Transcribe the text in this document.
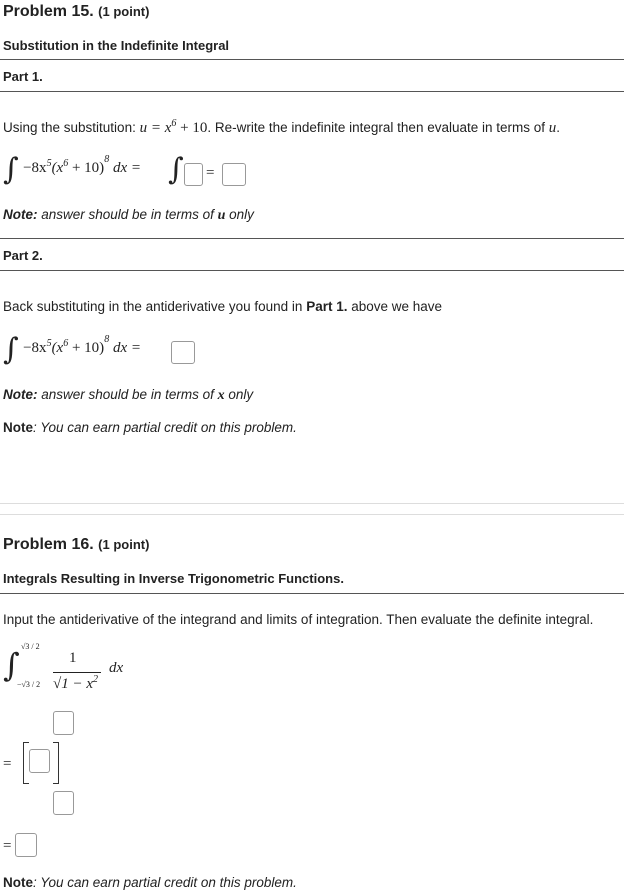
Problem 15. (1 point)
Substitution in the Indefinite Integral
Part 1.
Using the substitution: $u = x^6 + 10$. Re-write the indefinite integral then evaluate in terms of u.
∫ $-8x^5(x^6 + 10)^8$ dx = ∫ =
Note: answer should be in terms of u only
Part 2.
Back substituting in the antiderivative you found in Part 1. above we have
∫ $-8x^5(x^6 + 10)^8$ dx =
Note: answer should be in terms of x only
Note: You can earn partial credit on this problem.
Problem 16. (1 point)
Integrals Resulting in Inverse Trigonometric Functions.
Input the antiderivative of the integrand and limits of integration. Then evaluate the definite integral.
∫ √3 / 2
−√3 / 2
1
$√1 - x^2$
dx
=
=
Note: You can earn partial credit on this problem.
